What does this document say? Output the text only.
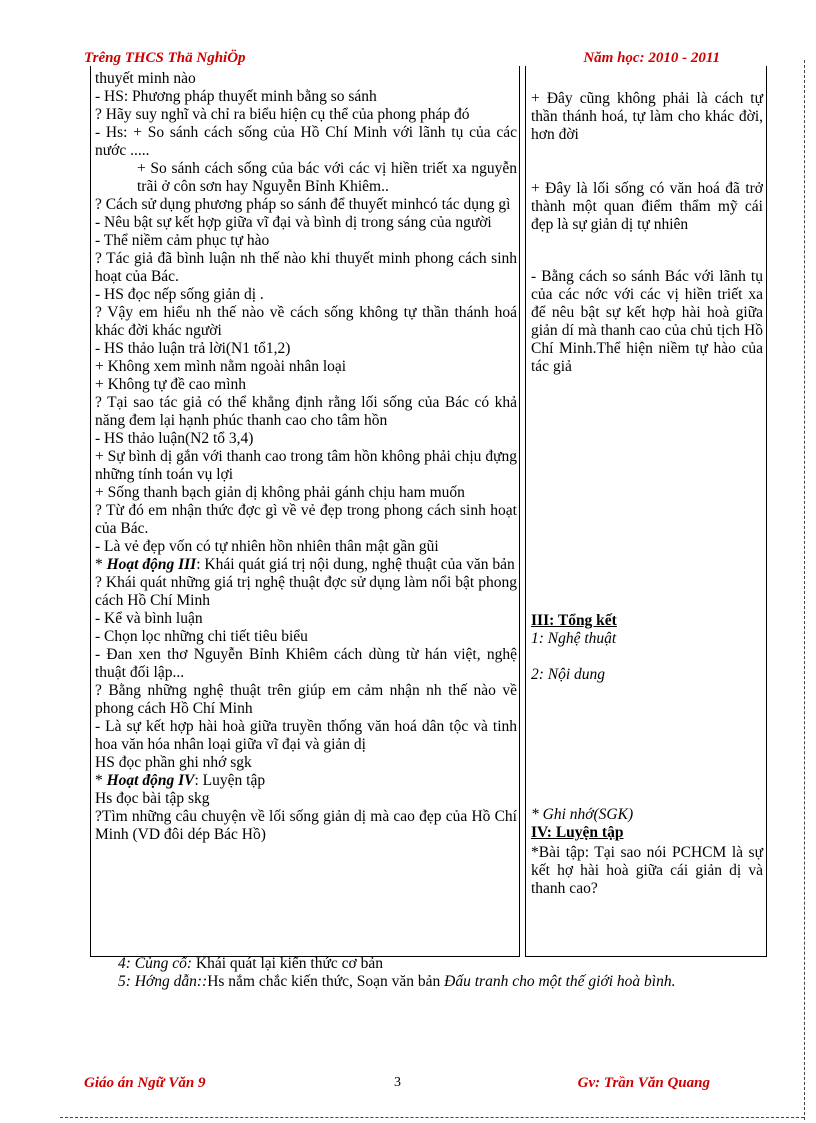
Trêng THCS Thä NghiÖp	Năm học: 2010 - 2011
thuyết minh nào
- HS: Phương pháp thuyết minh bằng so sánh
? Hãy suy nghĩ và chỉ ra biểu hiện cụ thể của phong pháp đó
- Hs: + So sánh cách sống của Hồ Chí Minh với lãnh tụ của các nước .....
+ So sánh cách sống của bác với các vị hiền triết xa nguyễn trãi ở côn sơn hay Nguyễn Bỉnh Khiêm..
? Cách sử dụng phương pháp so sánh để thuyết minhcó tác dụng gì
- Nêu bật sự kết hợp giữa vĩ đại và bình dị trong sáng của người
- Thể niềm cảm phục tự hào
? Tác giả đã bình luận nh thế nào khi thuyết minh phong cách sinh hoạt của Bác.
- HS đọc nếp sống giản dị .
? Vậy em hiểu nh thế nào về cách sống không tự thần thánh hoá khác đời khác người
- HS thảo luận trả lời(N1 tổ1,2)
+ Không xem mình nằm ngoài nhân loại
+ Không tự đề cao mình
? Tại sao tác giả có thể khẳng định rằng lối sống của Bác có khả năng đem lại hạnh phúc thanh cao cho tâm hồn
- HS thảo luận(N2 tổ 3,4)
+ Sự bình dị gắn với thanh cao trong tâm hồn không phải chịu đựng những tính toán vụ lợi
+ Sống thanh bạch giản dị không phải gánh chịu ham muốn
? Từ đó em nhận thức đợc gì về vẻ đẹp trong phong cách sinh hoạt của Bác.
- Là vẻ đẹp vốn có tự nhiên hồn nhiên thân mật gần gũi
* Hoạt động III: Khái quát giá trị nội dung, nghệ thuật của văn bản
? Khái quát những giá trị nghệ thuật đợc sử dụng làm nổi bật phong cách Hồ Chí Minh
- Kể và bình luận
- Chọn lọc những chi tiết tiêu biểu
- Đan xen thơ Nguyễn Bỉnh Khiêm cách dùng từ hán việt, nghệ thuật đối lập...
? Bằng những nghệ thuật trên giúp em cảm nhận nh thế nào về phong cách Hồ Chí Minh
- Là sự kết hợp hài hoà giữa truyền thống văn hoá dân tộc và tinh hoa văn hóa nhân loại giữa vĩ đại và giản dị
HS đọc phần ghi nhớ sgk
* Hoạt động IV: Luyện tập
Hs đọc bài tập skg
?Tìm những câu chuyện về lối sống giản dị mà cao đẹp của Hồ Chí Minh (VD đôi dép Bác Hồ)
+ Đây cũng không phải là cách tự thần thánh hoá, tự làm cho khác đời, hơn đời
+ Đây là lối sống có văn hoá đã trở thành một quan điểm thẩm mỹ cái đẹp là sự giản dị tự nhiên
- Bằng cách so sánh Bác với lãnh tụ của các nớc với các vị hiền triết xa để nêu bật sự kết hợp hài hoà giữa giản dí mà thanh cao của chủ tịch Hồ Chí Minh.Thể hiện niềm tự hào của tác giả
III: Tổng kết
1: Nghệ thuật
2: Nội dung
* Ghi nhớ(SGK)
IV: Luyện tập
*Bài tập: Tại sao nói PCHCM là sự kết hợ hài hoà giữa cái giản dị và thanh cao?
4: Củng cố: Khái quát lại kiến thức cơ bản
5: Hớng dẫn::Hs nắm chắc kiến thức, Soạn văn bản Đấu tranh cho một thế giới hoà bình.
Giáo án Ngữ Văn 9	3	Gv: Trần Văn Quang
